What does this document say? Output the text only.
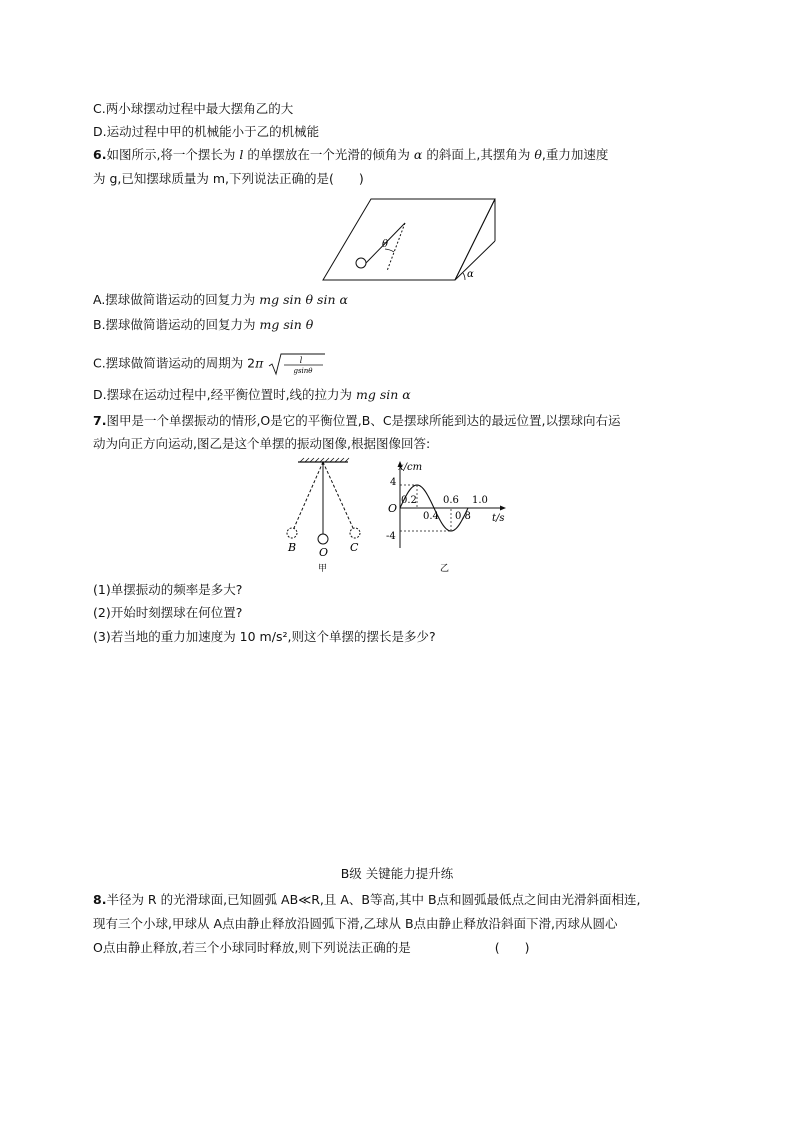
C.两小球摆动过程中最大摆角乙的大
D.运动过程中甲的机械能小于乙的机械能
6.如图所示,将一个摆长为 l 的单摆放在一个光滑的倾角为 α 的斜面上,其摆角为 θ,重力加速度
为 g,已知摆球质量为 m,下列说法正确的是(　　)
θ
α
A.摆球做简谐运动的回复力为 mg sin θ sin α
B.摆球做简谐运动的回复力为 mg sin θ
C.摆球做简谐运动的周期为 2π	l
gsinθ
D.摆球在运动过程中,经平衡位置时,线的拉力为 mg sin α
7.图甲是一个单摆振动的情形,O是它的平衡位置,B、C是摆球所能到达的最远位置,以摆球向右运
动为向正方向运动,图乙是这个单摆的振动图像,根据图像回答:
B O C
甲
x/cm
t/s
O
4
-4
0.2
0.4
0.6
0.8
1.0
乙
(1)单摆振动的频率是多大?
(2)开始时刻摆球在何位置?
(3)若当地的重力加速度为 10 m/s²,则这个单摆的摆长是多少?
B级 关键能力提升练
8.半径为 R 的光滑球面,已知圆弧 AB≪R,且 A、B等高,其中 B点和圆弧最低点之间由光滑斜面相连,
现有三个小球,甲球从 A点由静止释放沿圆弧下滑,乙球从 B点由静止释放沿斜面下滑,丙球从圆心
O点由静止释放,若三个小球同时释放,则下列说法正确的是	(　　)
